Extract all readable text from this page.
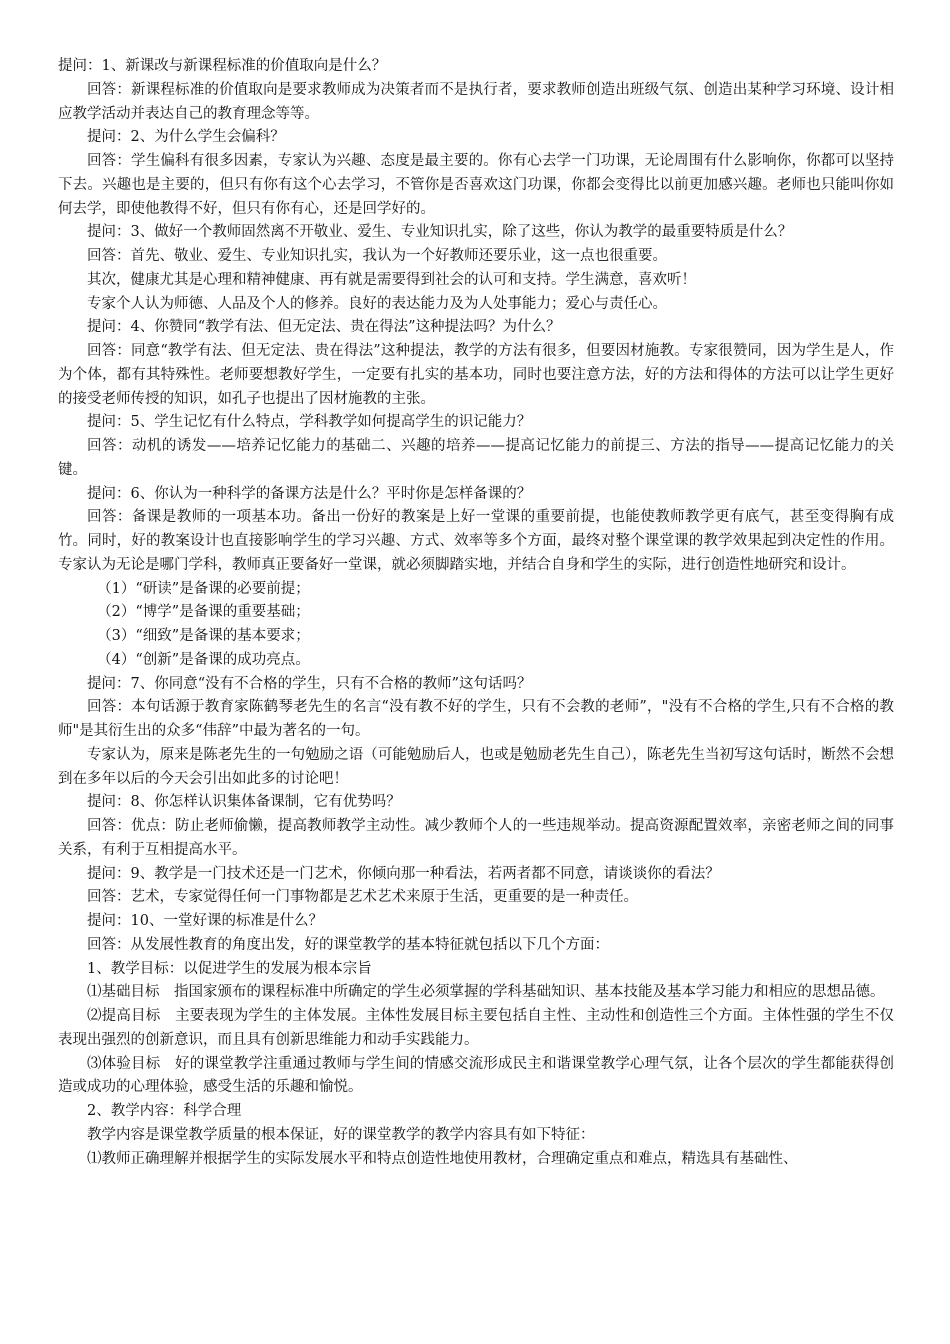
提问：1、新课改与新课程标准的价值取向是什么？

回答：新课程标准的价值取向是要求教师成为决策者而不是执行者，要求教师创造出班级气氛、创造出某种学习环境、设计相应教学活动并表达自己的教育理念等等。

提问：2、为什么学生会偏科？

回答：学生偏科有很多因素，专家认为兴趣、态度是最主要的。你有心去学一门功课，无论周围有什么影响你，你都可以坚持下去。兴趣也是主要的，但只有你有这个心去学习，不管你是否喜欢这门功课，你都会变得比以前更加感兴趣。老师也只能叫你如何去学，即使他教得不好，但只有你有心，还是回学好的。

提问：3、做好一个教师固然离不开敬业、爱生、专业知识扎实，除了这些，你认为教学的最重要特质是什么？

回答：首先、敬业、爱生、专业知识扎实，我认为一个好教师还要乐业，这一点也很重要。

其次，健康尤其是心理和精神健康、再有就是需要得到社会的认可和支持。学生满意，喜欢听！

专家个人认为师德、人品及个人的修养。良好的表达能力及为人处事能力；爱心与责任心。

提问：4、你赞同“教学有法、但无定法、贵在得法”这种提法吗？为什么？

回答：同意“教学有法、但无定法、贵在得法”这种提法，教学的方法有很多，但要因材施教。专家很赞同，因为学生是人，作为个体，都有其特殊性。老师要想教好学生，一定要有扎实的基本功，同时也要注意方法，好的方法和得体的方法可以让学生更好的接受老师传授的知识，如孔子也提出了因材施教的主张。

提问：5、学生记忆有什么特点，学科教学如何提高学生的识记能力？

回答：动机的诱发——培养记忆能力的基础二、兴趣的培养——提高记忆能力的前提三、方法的指导——提高记忆能力的关键。

提问：6、你认为一种科学的备课方法是什么？平时你是怎样备课的？

回答：备课是教师的一项基本功。备出一份好的教案是上好一堂课的重要前提，也能使教师教学更有底气，甚至变得胸有成竹。同时，好的教案设计也直接影响学生的学习兴趣、方式、效率等多个方面，最终对整个课堂课的教学效果起到决定性的作用。专家认为无论是哪门学科，教师真正要备好一堂课，就必须脚踏实地，并结合自身和学生的实际，进行创造性地研究和设计。

（1）“研读”是备课的必要前提；

（2）“博学”是备课的重要基础；

（3）“细致”是备课的基本要求；

（4）“创新”是备课的成功亮点。

提问：7、你同意“没有不合格的学生，只有不合格的教师”这句话吗？

回答：本句话源于教育家陈鹤琴老先生的名言“没有教不好的学生，只有不会教的老师”，"没有不合格的学生,只有不合格的教师"是其衍生出的众多“伟辞”中最为著名的一句。

专家认为，原来是陈老先生的一句勉励之语（可能勉励后人，也或是勉励老先生自己），陈老先生当初写这句话时，断然不会想到在多年以后的今天会引出如此多的讨论吧！

提问：8、你怎样认识集体备课制，它有优势吗？

回答：优点：防止老师偷懒，提高教师教学主动性。减少教师个人的一些违规举动。提高资源配置效率，亲密老师之间的同事关系，有利于互相提高水平。

提问：9、教学是一门技术还是一门艺术，你倾向那一种看法，若两者都不同意，请谈谈你的看法？

回答：艺术，专家觉得任何一门事物都是艺术艺术来原于生活，更重要的是一种责任。

提问：10、一堂好课的标准是什么？

回答：从发展性教育的角度出发，好的课堂教学的基本特征就包括以下几个方面：

1、教学目标：以促进学生的发展为根本宗旨

⑴基础目标　指国家颁布的课程标准中所确定的学生必须掌握的学科基础知识、基本技能及基本学习能力和相应的思想品德。

⑵提高目标　主要表现为学生的主体发展。主体性发展目标主要包括自主性、主动性和创造性三个方面。主体性强的学生不仅表现出强烈的创新意识，而且具有创新思维能力和动手实践能力。

⑶体验目标　好的课堂教学注重通过教师与学生间的情感交流形成民主和谐课堂教学心理气氛，让各个层次的学生都能获得创造或成功的心理体验，感受生活的乐趣和愉悦。

2、教学内容：科学合理

教学内容是课堂教学质量的根本保证，好的课堂教学的教学内容具有如下特征：

⑴教师正确理解并根据学生的实际发展水平和特点创造性地使用教材，合理确定重点和难点，精选具有基础性、
